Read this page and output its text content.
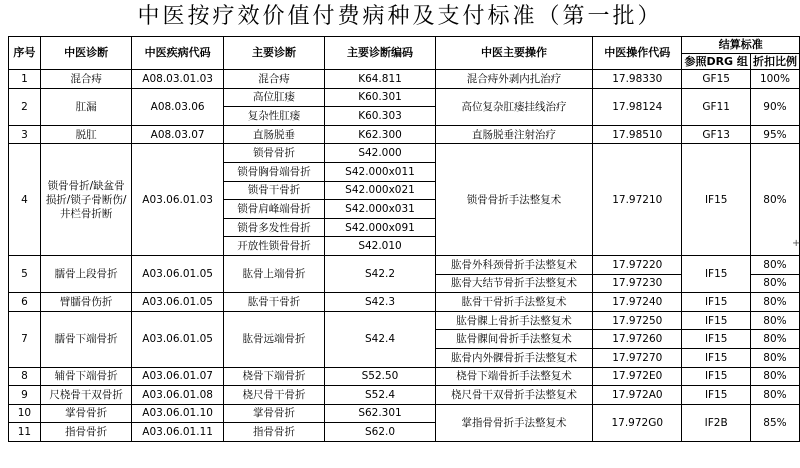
中医按疗效价值付费病种及支付标准（第一批）
序号	中医诊断	中医疾病代码	主要诊断	主要诊断编码	中医主要操作	中医操作代码	结算标准	
							参照DRG 组	折扣比例
1	混合痔	A08.03.01.03	混合痔	K64.811	混合痔外剥内扎治疗	17.98330	GF15	100%
2	肛漏	A08.03.06	高位肛瘘	K60.301	高位复杂肛瘘挂线治疗	17.98124	GF11	90%
			复杂性肛瘘	K60.303				
3	脱肛	A08.03.07	直肠脱垂	K62.300	直肠脱垂注射治疗	17.98510	GF13	95%
4	锁骨骨折/缺盆骨损折/锁子骨断伤/井栏骨折断	A03.06.01.03	锁骨骨折	S42.000	锁骨骨折手法整复术	17.97210	IF15	80%
			锁骨胸骨端骨折	S42.000x011				
			锁骨干骨折	S42.000x021				
			锁骨肩峰端骨折	S42.000x031				
			锁骨多发性骨折	S42.000x091				
			开放性锁骨骨折	S42.010				
5	臑骨上段骨折	A03.06.01.05	肱骨上端骨折	S42.2	肱骨外科颈骨折手法整复术	17.97220	IF15	80%
					肱骨大结节骨折手法整复术	17.97230		80%
6	臂臑骨伤折	A03.06.01.05	肱骨干骨折	S42.3	肱骨干骨折手法整复术	17.97240	IF15	80%
7	臑骨下端骨折	A03.06.01.05	肱骨远端骨折	S42.4	肱骨髁上骨折手法整复术	17.97250	IF15	80%
					肱骨髁间骨折手法整复术	17.97260	IF15	80%
					肱骨内外髁骨折手法整复术	17.97270	IF15	80%
8	辅骨下端骨折	A03.06.01.07	桡骨下端骨折	S52.50	桡骨下端骨折手法整复术	17.972E0	IF15	80%
9	尺桡骨干双骨折	A03.06.01.08	桡尺骨干骨折	S52.4	桡尺骨干双骨折手法整复术	17.972A0	IF15	80%
10	掌骨骨折	A03.06.01.10	掌骨骨折	S62.301	掌指骨骨折手法整复术	17.972G0	IF2B	85%
11	指骨骨折	A03.06.01.11	指骨骨折	S62.0				
+
